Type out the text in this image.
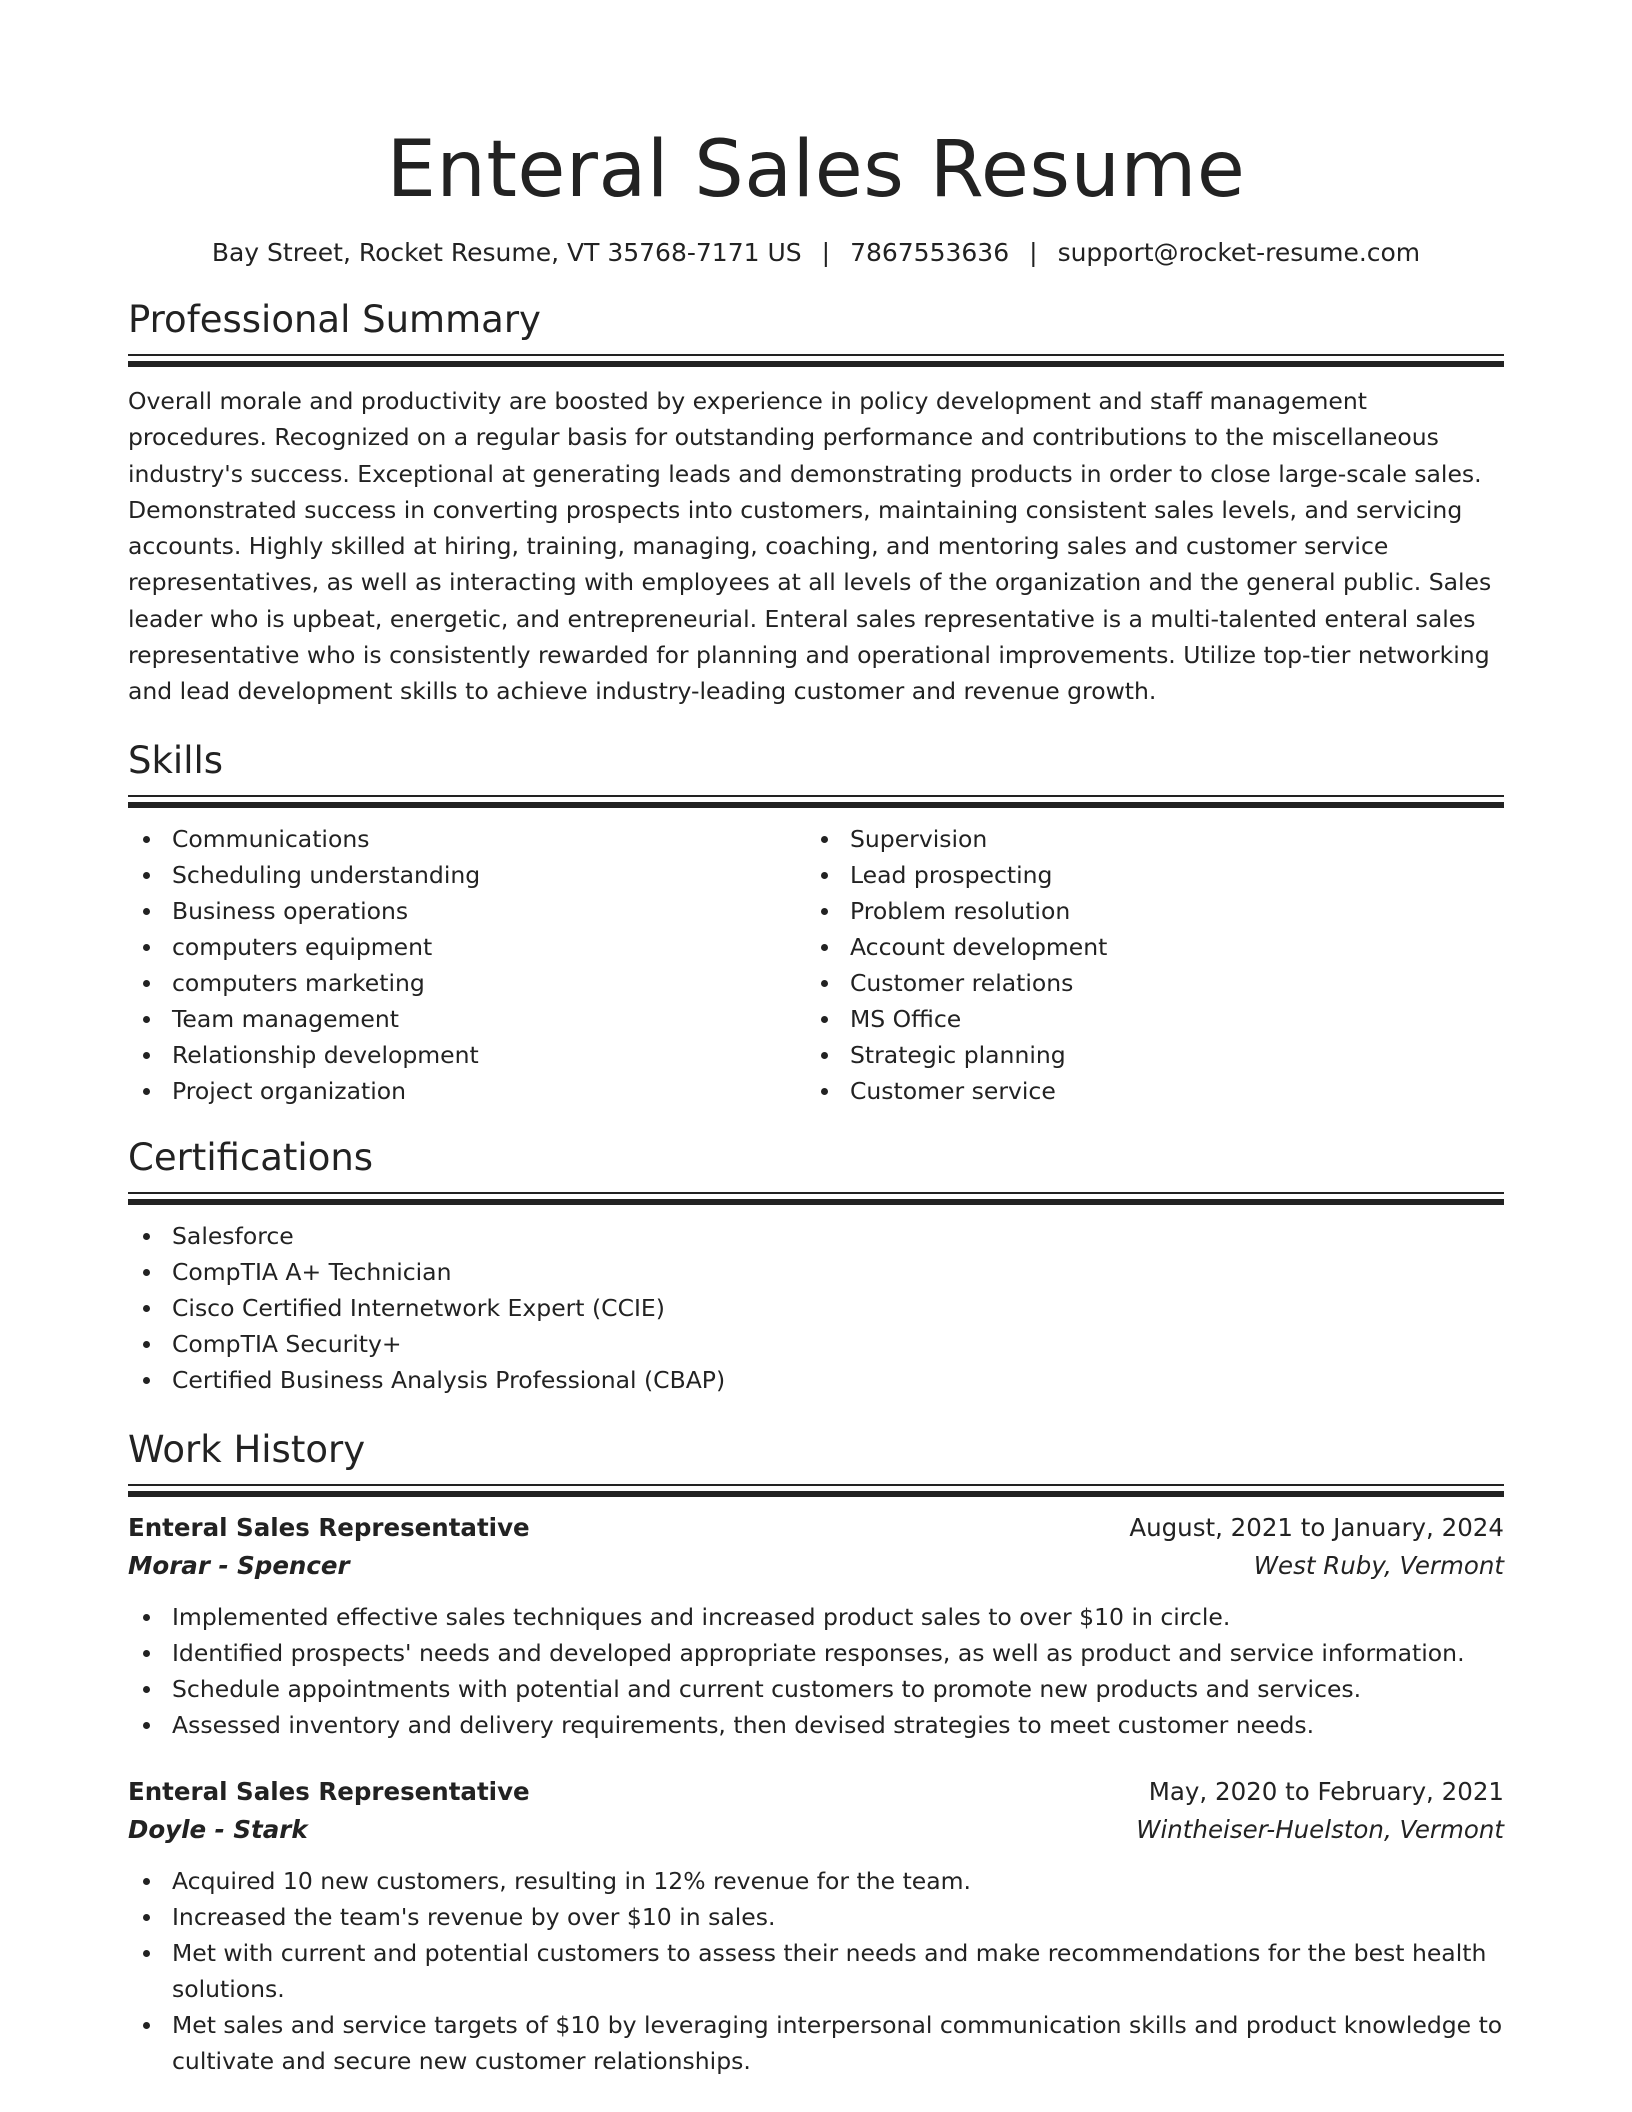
Enteral Sales Resume
Bay Street, Rocket Resume, VT 35768-7171 US | 7867553636 | support@rocket-resume.com
Professional Summary

Overall morale and productivity are boosted by experience in policy development and staff management procedures. Recognized on a regular basis for outstanding performance and contributions to the miscellaneous industry's success. Exceptional at generating leads and demonstrating products in order to close large-scale sales. Demonstrated success in converting prospects into customers, maintaining consistent sales levels, and servicing accounts. Highly skilled at hiring, training, managing, coaching, and mentoring sales and customer service representatives, as well as interacting with employees at all levels of the organization and the general public. Sales leader who is upbeat, energetic, and entrepreneurial. Enteral sales representative is a multi-talented enteral sales representative who is consistently rewarded for planning and operational improvements. Utilize top-tier networking and lead development skills to achieve industry-leading customer and revenue growth.

Skills
Communications
Scheduling understanding
Business operations
computers equipment
computers marketing
Team management
Relationship development
Project organization
Supervision
Lead prospecting
Problem resolution
Account development
Customer relations
MS Office
Strategic planning
Customer service
Certifications
Salesforce
CompTIA A+ Technician
Cisco Certified Internetwork Expert (CCIE)
CompTIA Security+
Certified Business Analysis Professional (CBAP)
Work History
Enteral Sales Representative	August, 2021 to January, 2024
Morar - Spencer	West Ruby, Vermont
Implemented effective sales techniques and increased product sales to over $10 in circle.
Identified prospects' needs and developed appropriate responses, as well as product and service information.
Schedule appointments with potential and current customers to promote new products and services.
Assessed inventory and delivery requirements, then devised strategies to meet customer needs.
Enteral Sales Representative	May, 2020 to February, 2021
Doyle - Stark	Wintheiser-Huelston, Vermont
Acquired 10 new customers, resulting in 12% revenue for the team.
Increased the team's revenue by over $10 in sales.
Met with current and potential customers to assess their needs and make recommendations for the best health solutions.
Met sales and service targets of $10 by leveraging interpersonal communication skills and product knowledge to cultivate and secure new customer relationships.
